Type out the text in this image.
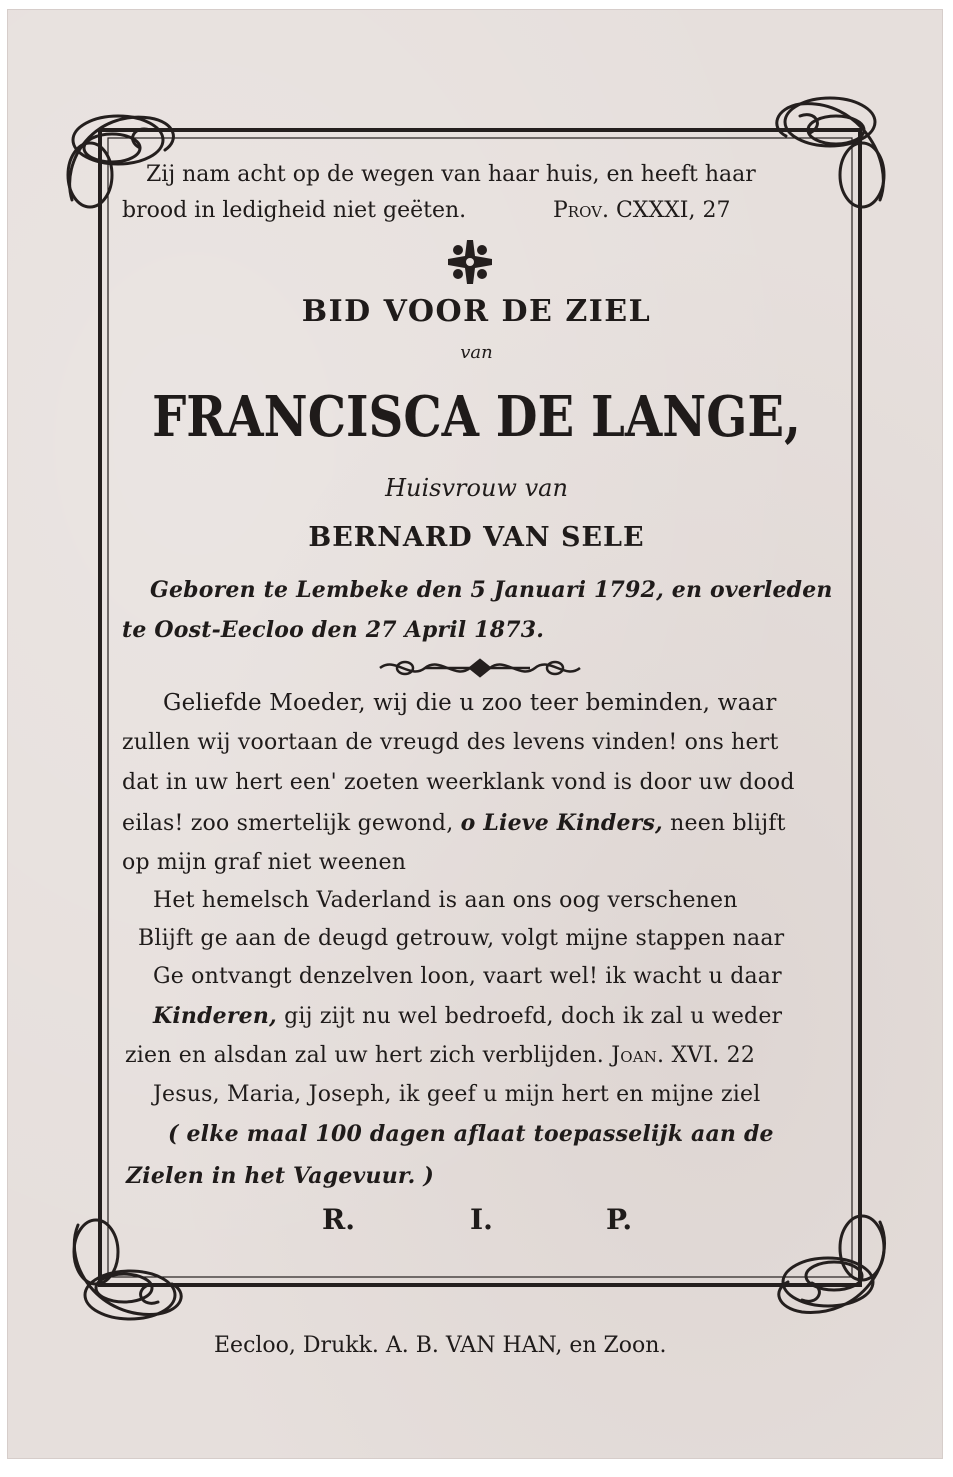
Zij nam acht op de wegen van haar huis, en heeft haar
brood in ledigheid niet geëten.	Prov. CXXXI, 27
BID VOOR DE ZIEL
van
FRANCISCA DE LANGE,
Huisvrouw van
BERNARD VAN SELE
Geboren te Lembeke den 5 Januari 1792, en overleden
te Oost-Eecloo den 27 April 1873.
Geliefde Moeder, wij die u zoo teer beminden, waar
zullen wij voortaan de vreugd des levens vinden! ons hert
dat in uw hert een' zoeten weerklank vond is door uw dood
eilas! zoo smertelijk gewond, o Lieve Kinders, neen blijft
op mijn graf niet weenen
Het hemelsch Vaderland is aan ons oog verschenen
Blijft ge aan de deugd getrouw, volgt mijne stappen naar
Ge ontvangt denzelven loon, vaart wel! ik wacht u daar
Kinderen, gij zijt nu wel bedroefd, doch ik zal u weder
zien en alsdan zal uw hert zich verblijden. Joan. XVI. 22
Jesus, Maria, Joseph, ik geef u mijn hert en mijne ziel
( elke maal 100 dagen aflaat toepasselijk aan de
Zielen in het Vagevuur. )
R.	I.	P.
Eecloo, Drukk. A. B. VAN HAN, en Zoon.
